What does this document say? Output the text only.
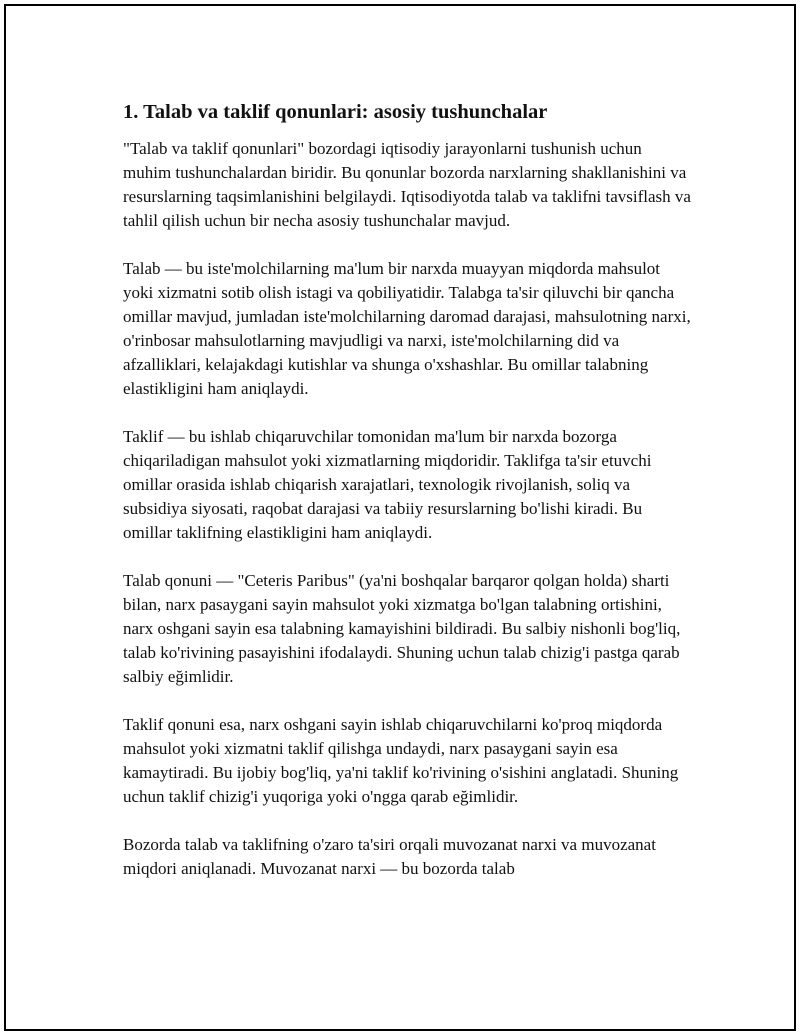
1. Talab va taklif qonunlari: asosiy tushunchalar

"Talab va taklif qonunlari" bozordagi iqtisodiy jarayonlarni tushunish uchun muhim tushunchalardan biridir. Bu qonunlar bozorda narxlarning shakllanishini va resurslarning taqsimlanishini belgilaydi. Iqtisodiyotda talab va taklifni tavsiflash va tahlil qilish uchun bir necha asosiy tushunchalar mavjud.

Talab — bu iste'molchilarning ma'lum bir narxda muayyan miqdorda mahsulot yoki xizmatni sotib olish istagi va qobiliyatidir. Talabga ta'sir qiluvchi bir qancha omillar mavjud, jumladan iste'molchilarning daromad darajasi, mahsulotning narxi, o'rinbosar mahsulotlarning mavjudligi va narxi, iste'molchilarning did va afzalliklari, kelajakdagi kutishlar va shunga o'xshashlar. Bu omillar talabning elastikligini ham aniqlaydi.

Taklif — bu ishlab chiqaruvchilar tomonidan ma'lum bir narxda bozorga chiqariladigan mahsulot yoki xizmatlarning miqdoridir. Taklifga ta'sir etuvchi omillar orasida ishlab chiqarish xarajatlari, texnologik rivojlanish, soliq va subsidiya siyosati, raqobat darajasi va tabiiy resurslarning bo'lishi kiradi. Bu omillar taklifning elastikligini ham aniqlaydi.

Talab qonuni — "Ceteris Paribus" (ya'ni boshqalar barqaror qolgan holda) sharti bilan, narx pasaygani sayin mahsulot yoki xizmatga bo'lgan talabning ortishini, narx oshgani sayin esa talabning kamayishini bildiradi. Bu salbiy nishonli bog'liq, talab ko'rivining pasayishini ifodalaydi. Shuning uchun talab chizig'i pastga qarab salbiy eğimlidir.

Taklif qonuni esa, narx oshgani sayin ishlab chiqaruvchilarni ko'proq miqdorda mahsulot yoki xizmatni taklif qilishga undaydi, narx pasaygani sayin esa kamaytiradi. Bu ijobiy bog'liq, ya'ni taklif ko'rivining o'sishini anglatadi. Shuning uchun taklif chizig'i yuqoriga yoki o'ngga qarab eğimlidir.

Bozorda talab va taklifning o'zaro ta'siri orqali muvozanat narxi va muvozanat miqdori aniqlanadi. Muvozanat narxi — bu bozorda talab
